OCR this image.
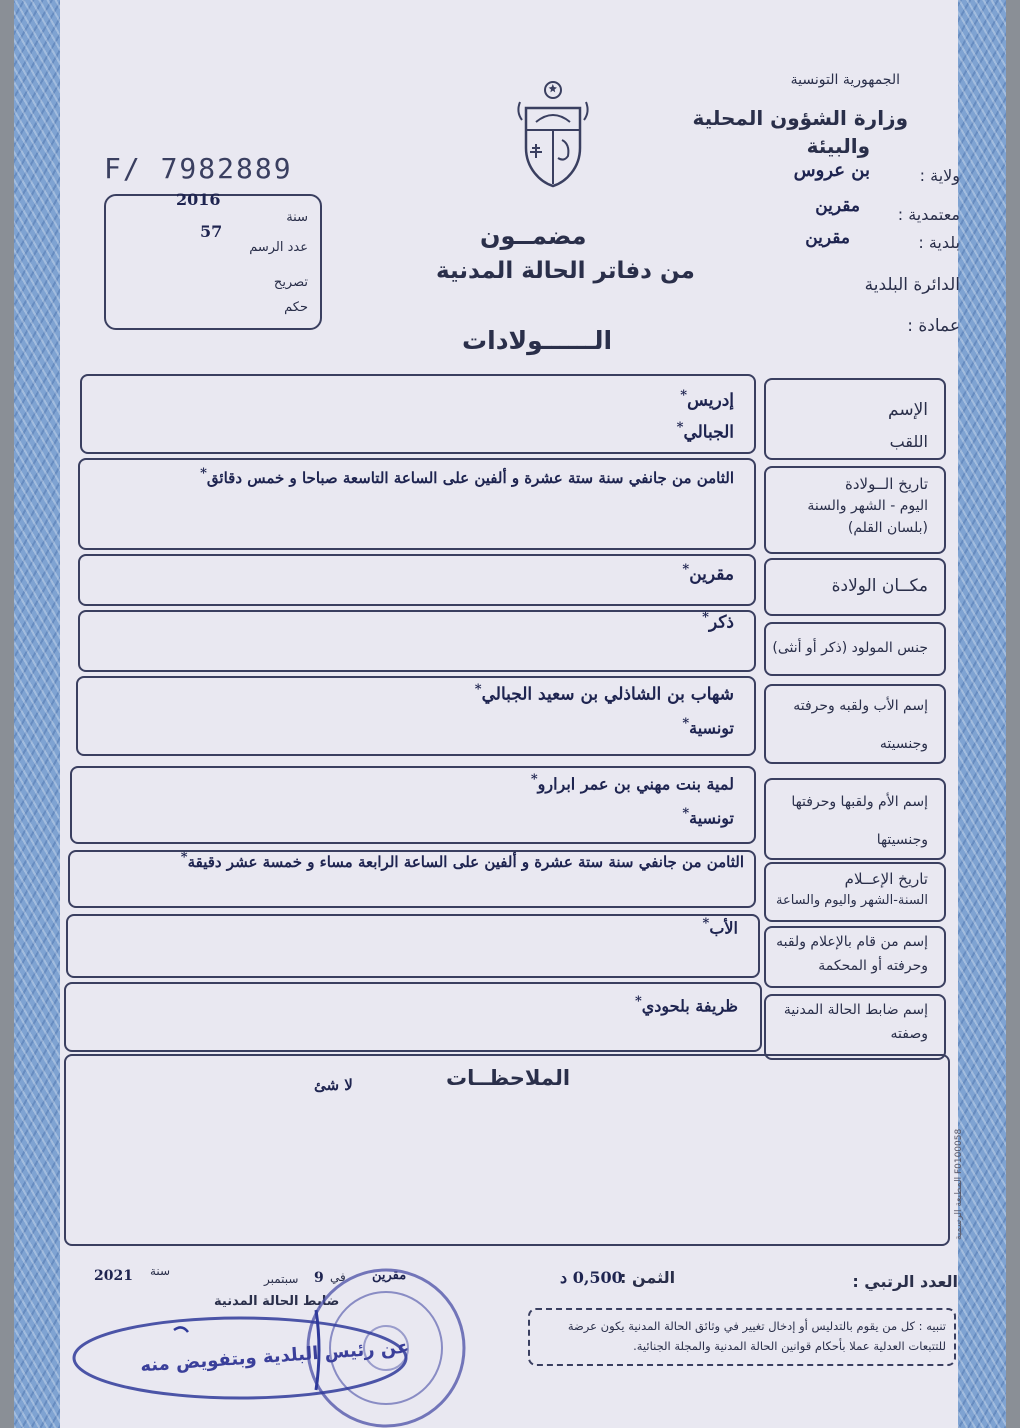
F/ 7982889
الجمهورية التونسية
وزارة الشؤون المحلية
والبيئة
ولاية :
بن عروس
معتمدية :
مقرين
بلدية :
مقرين
الدائرة البلدية
عمادة :
2016
سنة
57
عدد الرسم
تصريح
حكم
مضمــون
من دفاتر الحالة المدنية
الــــــولادات
الإسم
اللقب
إدريس*
الجبالي*
تاريخ الــولادة
اليوم - الشهر والسنة
(بلسان القلم)
الثامن من جانفي سنة ستة عشرة و ألفين على الساعة التاسعة صباحا و خمس دقائق*
مكــان الولادة
مقرين*
جنس المولود (ذكر أو أنثى)
ذكر*
إسم الأب ولقبه وحرفته
وجنسيته
شهاب بن الشاذلي بن سعيد الجبالي*
تونسية*
إسم الأم ولقبها وحرفتها
وجنسيتها
لمية بنت مهني بن عمر ابرارو*
تونسية*
تاريخ الإعــلام
السنة-الشهر واليوم والساعة
الثامن من جانفي سنة ستة عشرة و ألفين على الساعة الرابعة مساء و خمسة عشر دقيقة*
إسم من قام بالإعلام ولقبه
وحرفته أو المحكمة
الأب*
إسم ضابط الحالة المدنية
وصفته
ظريفة بلحودي*
الملاحظــات
لا شئ
المطبعة الرسمية F0100058
العدد الرتبي :
الثمن :
0,500 د
في مقرين
9
سبتمبر
سنة
2021
ضابط الحالة المدنية
تنبيه : كل من يقوم بالتدليس أو إدخال تغيير في وثائق الحالة المدنية يكون عرضة للتتبعات العدلية عملا بأحكام قوانين الحالة المدنية والمجلة الجنائية.
عن رئيس البلدية وبتفويض منه
